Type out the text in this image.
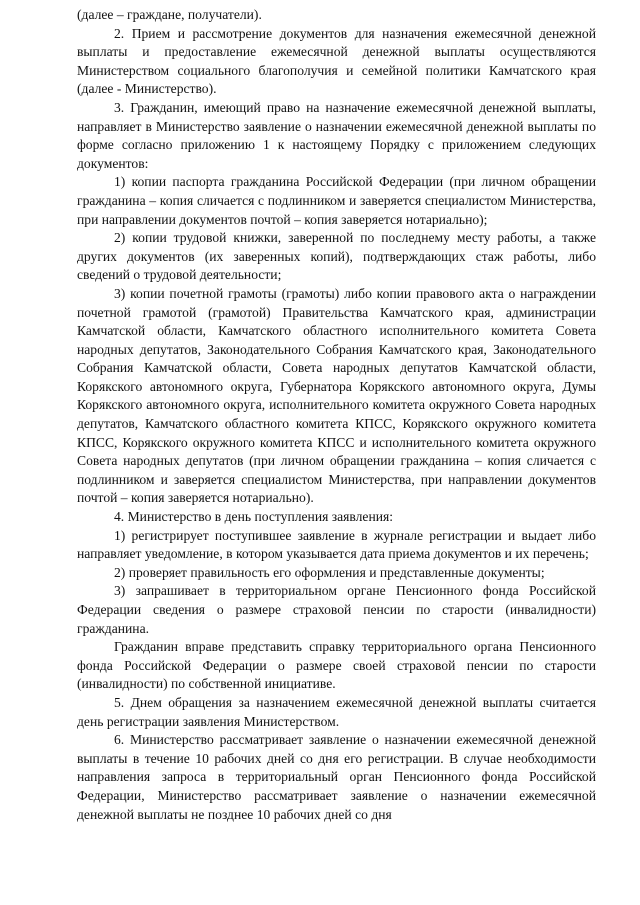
(далее – граждане, получатели).

2. Прием и рассмотрение документов для назначения ежемесячной денежной выплаты и предоставление ежемесячной денежной выплаты осуществляются Министерством социального благополучия и семейной политики Камчатского края (далее - Министерство).

3. Гражданин, имеющий право на назначение ежемесячной денежной выплаты, направляет в Министерство заявление о назначении ежемесячной денежной выплаты по форме согласно приложению 1 к настоящему Порядку с приложением следующих документов:

1) копии паспорта гражданина Российской Федерации (при личном обращении гражданина – копия сличается с подлинником и заверяется специалистом Министерства, при направлении документов почтой – копия заверяется нотариально);

2) копии трудовой книжки, заверенной по последнему месту работы, а также других документов (их заверенных копий), подтверждающих стаж работы, либо сведений о трудовой деятельности;

3) копии почетной грамоты (грамоты) либо копии правового акта о награждении почетной грамотой (грамотой) Правительства Камчатского края, администрации Камчатской области, Камчатского областного исполнительного комитета Совета народных депутатов, Законодательного Собрания Камчатского края, Законодательного Собрания Камчатской области, Совета народных депутатов Камчатской области, Корякского автономного округа, Губернатора Корякского автономного округа, Думы Корякского автономного округа, исполнительного комитета окружного Совета народных депутатов, Камчатского областного комитета КПСС, Корякского окружного комитета КПСС, Корякского окружного комитета КПСС и исполнительного комитета окружного Совета народных депутатов (при личном обращении гражданина – копия сличается с подлинником и заверяется специалистом Министерства, при направлении документов почтой – копия заверяется нотариально).

4. Министерство в день поступления заявления:

1) регистрирует поступившее заявление в журнале регистрации и выдает либо направляет уведомление, в котором указывается дата приема документов и их перечень;

2) проверяет правильность его оформления и представленные документы;

3) запрашивает в территориальном органе Пенсионного фонда Российской Федерации сведения о размере страховой пенсии по старости (инвалидности) гражданина.

Гражданин вправе представить справку территориального органа Пенсионного фонда Российской Федерации о размере своей страховой пенсии по старости (инвалидности) по собственной инициативе.

5. Днем обращения за назначением ежемесячной денежной выплаты считается день регистрации заявления Министерством.

6. Министерство рассматривает заявление о назначении ежемесячной денежной выплаты в течение 10 рабочих дней со дня его регистрации. В случае необходимости направления запроса в территориальный орган Пенсионного фонда Российской Федерации, Министерство рассматривает заявление о назначении ежемесячной денежной выплаты не позднее 10 рабочих дней со дня
